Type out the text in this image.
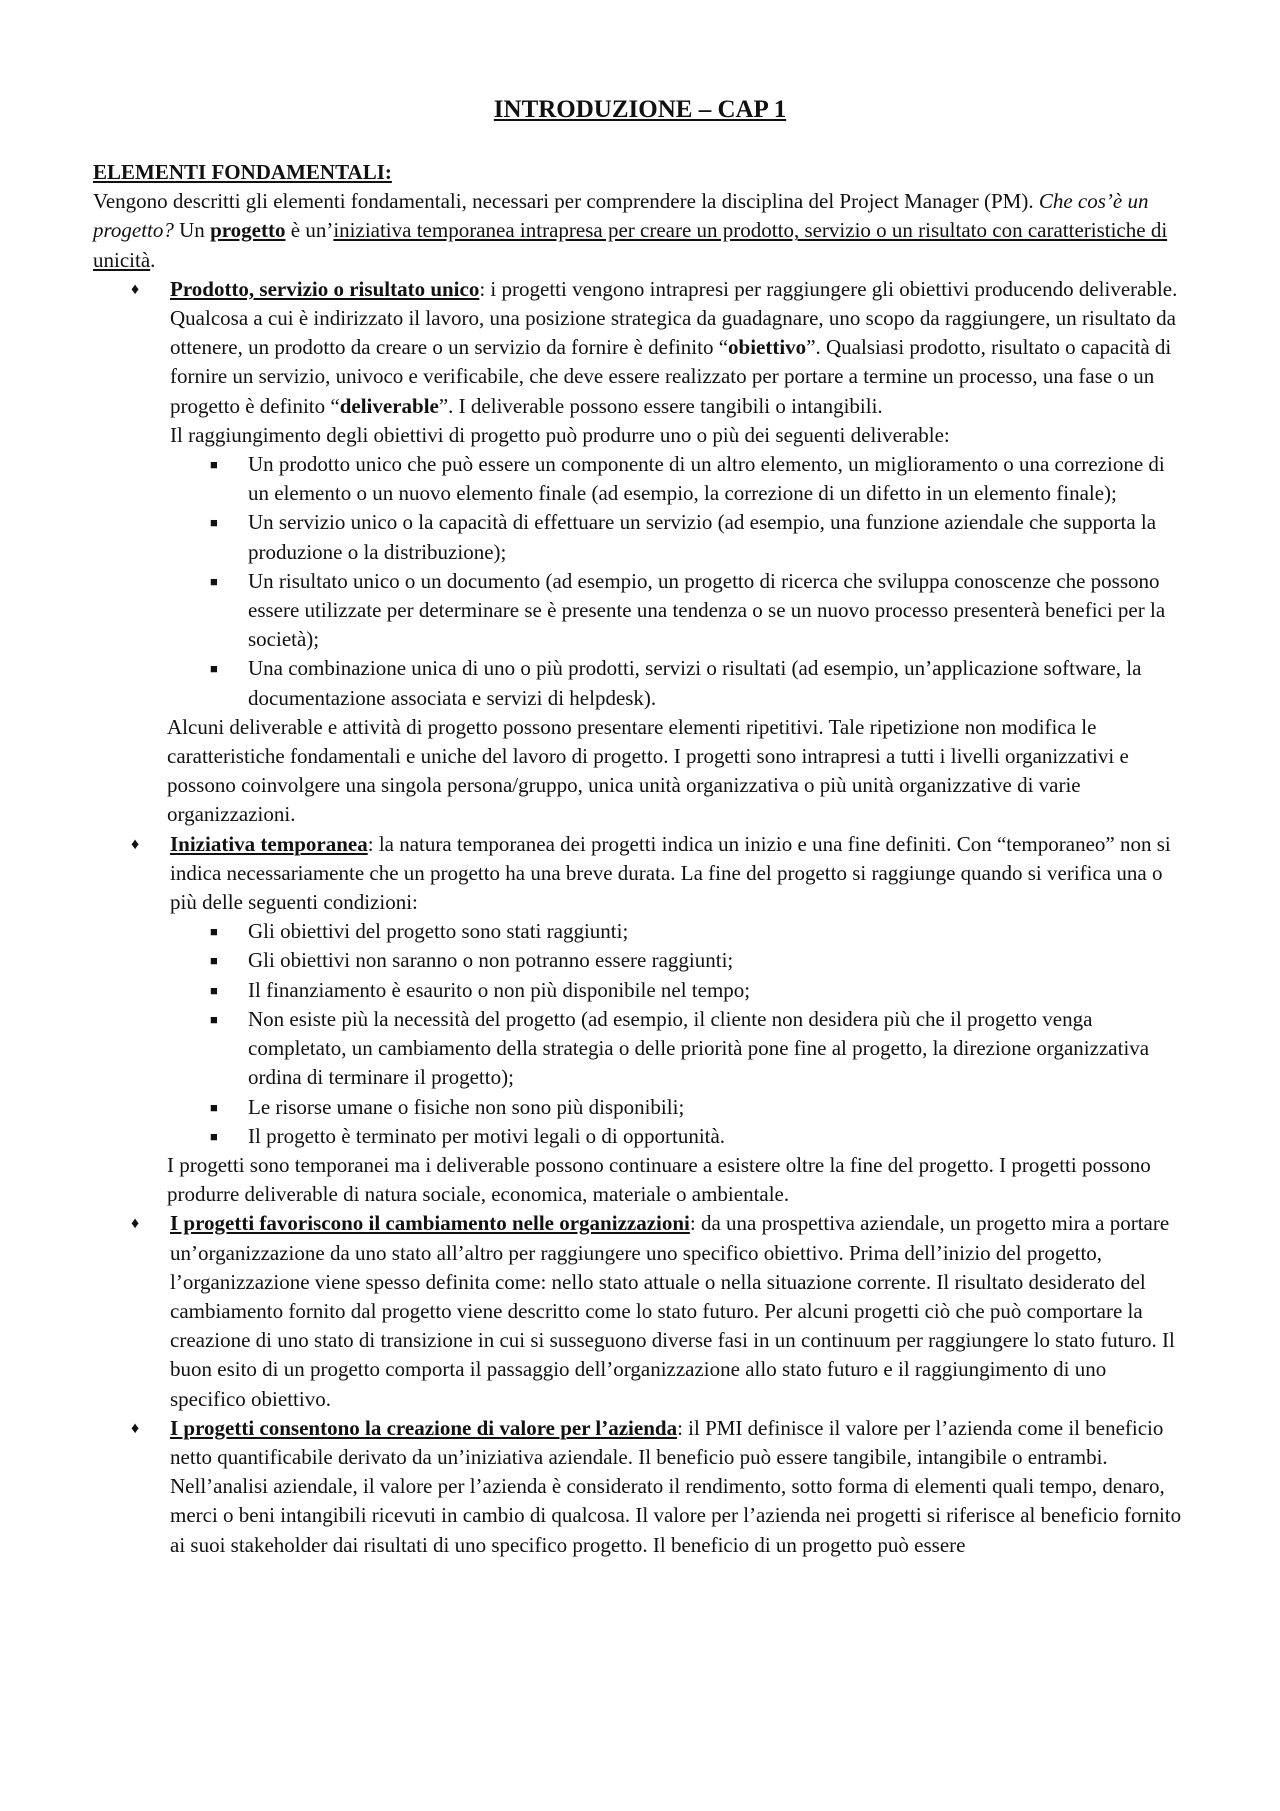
INTRODUZIONE – CAP 1
ELEMENTI FONDAMENTALI:
Vengono descritti gli elementi fondamentali, necessari per comprendere la disciplina del Project Manager (PM). Che cos’è un progetto? Un progetto è un’iniziativa temporanea intrapresa per creare un prodotto, servizio o un risultato con caratteristiche di unicità.
♦ Prodotto, servizio o risultato unico: i progetti vengono intrapresi per raggiungere gli obiettivi producendo deliverable. Qualcosa a cui è indirizzato il lavoro, una posizione strategica da guadagnare, uno scopo da raggiungere, un risultato da ottenere, un prodotto da creare o un servizio da fornire è definito “obiettivo”. Qualsiasi prodotto, risultato o capacità di fornire un servizio, univoco e verificabile, che deve essere realizzato per portare a termine un processo, una fase o un progetto è definito “deliverable”. I deliverable possono essere tangibili o intangibili.
Il raggiungimento degli obiettivi di progetto può produrre uno o più dei seguenti deliverable:
■ Un prodotto unico che può essere un componente di un altro elemento, un miglioramento o una correzione di un elemento o un nuovo elemento finale (ad esempio, la correzione di un difetto in un elemento finale);
■ Un servizio unico o la capacità di effettuare un servizio (ad esempio, una funzione aziendale che supporta la produzione o la distribuzione);
■ Un risultato unico o un documento (ad esempio, un progetto di ricerca che sviluppa conoscenze che possono essere utilizzate per determinare se è presente una tendenza o se un nuovo processo presenterà benefici per la società);
■ Una combinazione unica di uno o più prodotti, servizi o risultati (ad esempio, un’applicazione software, la documentazione associata e servizi di helpdesk).
Alcuni deliverable e attività di progetto possono presentare elementi ripetitivi. Tale ripetizione non modifica le caratteristiche fondamentali e uniche del lavoro di progetto. I progetti sono intrapresi a tutti i livelli organizzativi e possono coinvolgere una singola persona/gruppo, unica unità organizzativa o più unità organizzative di varie organizzazioni.
♦ Iniziativa temporanea: la natura temporanea dei progetti indica un inizio e una fine definiti. Con “temporaneo” non si indica necessariamente che un progetto ha una breve durata. La fine del progetto si raggiunge quando si verifica una o più delle seguenti condizioni:
■ Gli obiettivi del progetto sono stati raggiunti;
■ Gli obiettivi non saranno o non potranno essere raggiunti;
■ Il finanziamento è esaurito o non più disponibile nel tempo;
■ Non esiste più la necessità del progetto (ad esempio, il cliente non desidera più che il progetto venga completato, un cambiamento della strategia o delle priorità pone fine al progetto, la direzione organizzativa ordina di terminare il progetto);
■ Le risorse umane o fisiche non sono più disponibili;
■ Il progetto è terminato per motivi legali o di opportunità.
I progetti sono temporanei ma i deliverable possono continuare a esistere oltre la fine del progetto. I progetti possono produrre deliverable di natura sociale, economica, materiale o ambientale.
♦ I progetti favoriscono il cambiamento nelle organizzazioni: da una prospettiva aziendale, un progetto mira a portare un’organizzazione da uno stato all’altro per raggiungere uno specifico obiettivo. Prima dell’inizio del progetto, l’organizzazione viene spesso definita come: nello stato attuale o nella situazione corrente. Il risultato desiderato del cambiamento fornito dal progetto viene descritto come lo stato futuro. Per alcuni progetti ciò che può comportare la creazione di uno stato di transizione in cui si susseguono diverse fasi in un continuum per raggiungere lo stato futuro. Il buon esito di un progetto comporta il passaggio dell’organizzazione allo stato futuro e il raggiungimento di uno specifico obiettivo.
♦ I progetti consentono la creazione di valore per l’azienda: il PMI definisce il valore per l’azienda come il beneficio netto quantificabile derivato da un’iniziativa aziendale. Il beneficio può essere tangibile, intangibile o entrambi. Nell’analisi aziendale, il valore per l’azienda è considerato il rendimento, sotto forma di elementi quali tempo, denaro, merci o beni intangibili ricevuti in cambio di qualcosa. Il valore per l’azienda nei progetti si riferisce al beneficio fornito ai suoi stakeholder dai risultati di uno specifico progetto. Il beneficio di un progetto può essere
